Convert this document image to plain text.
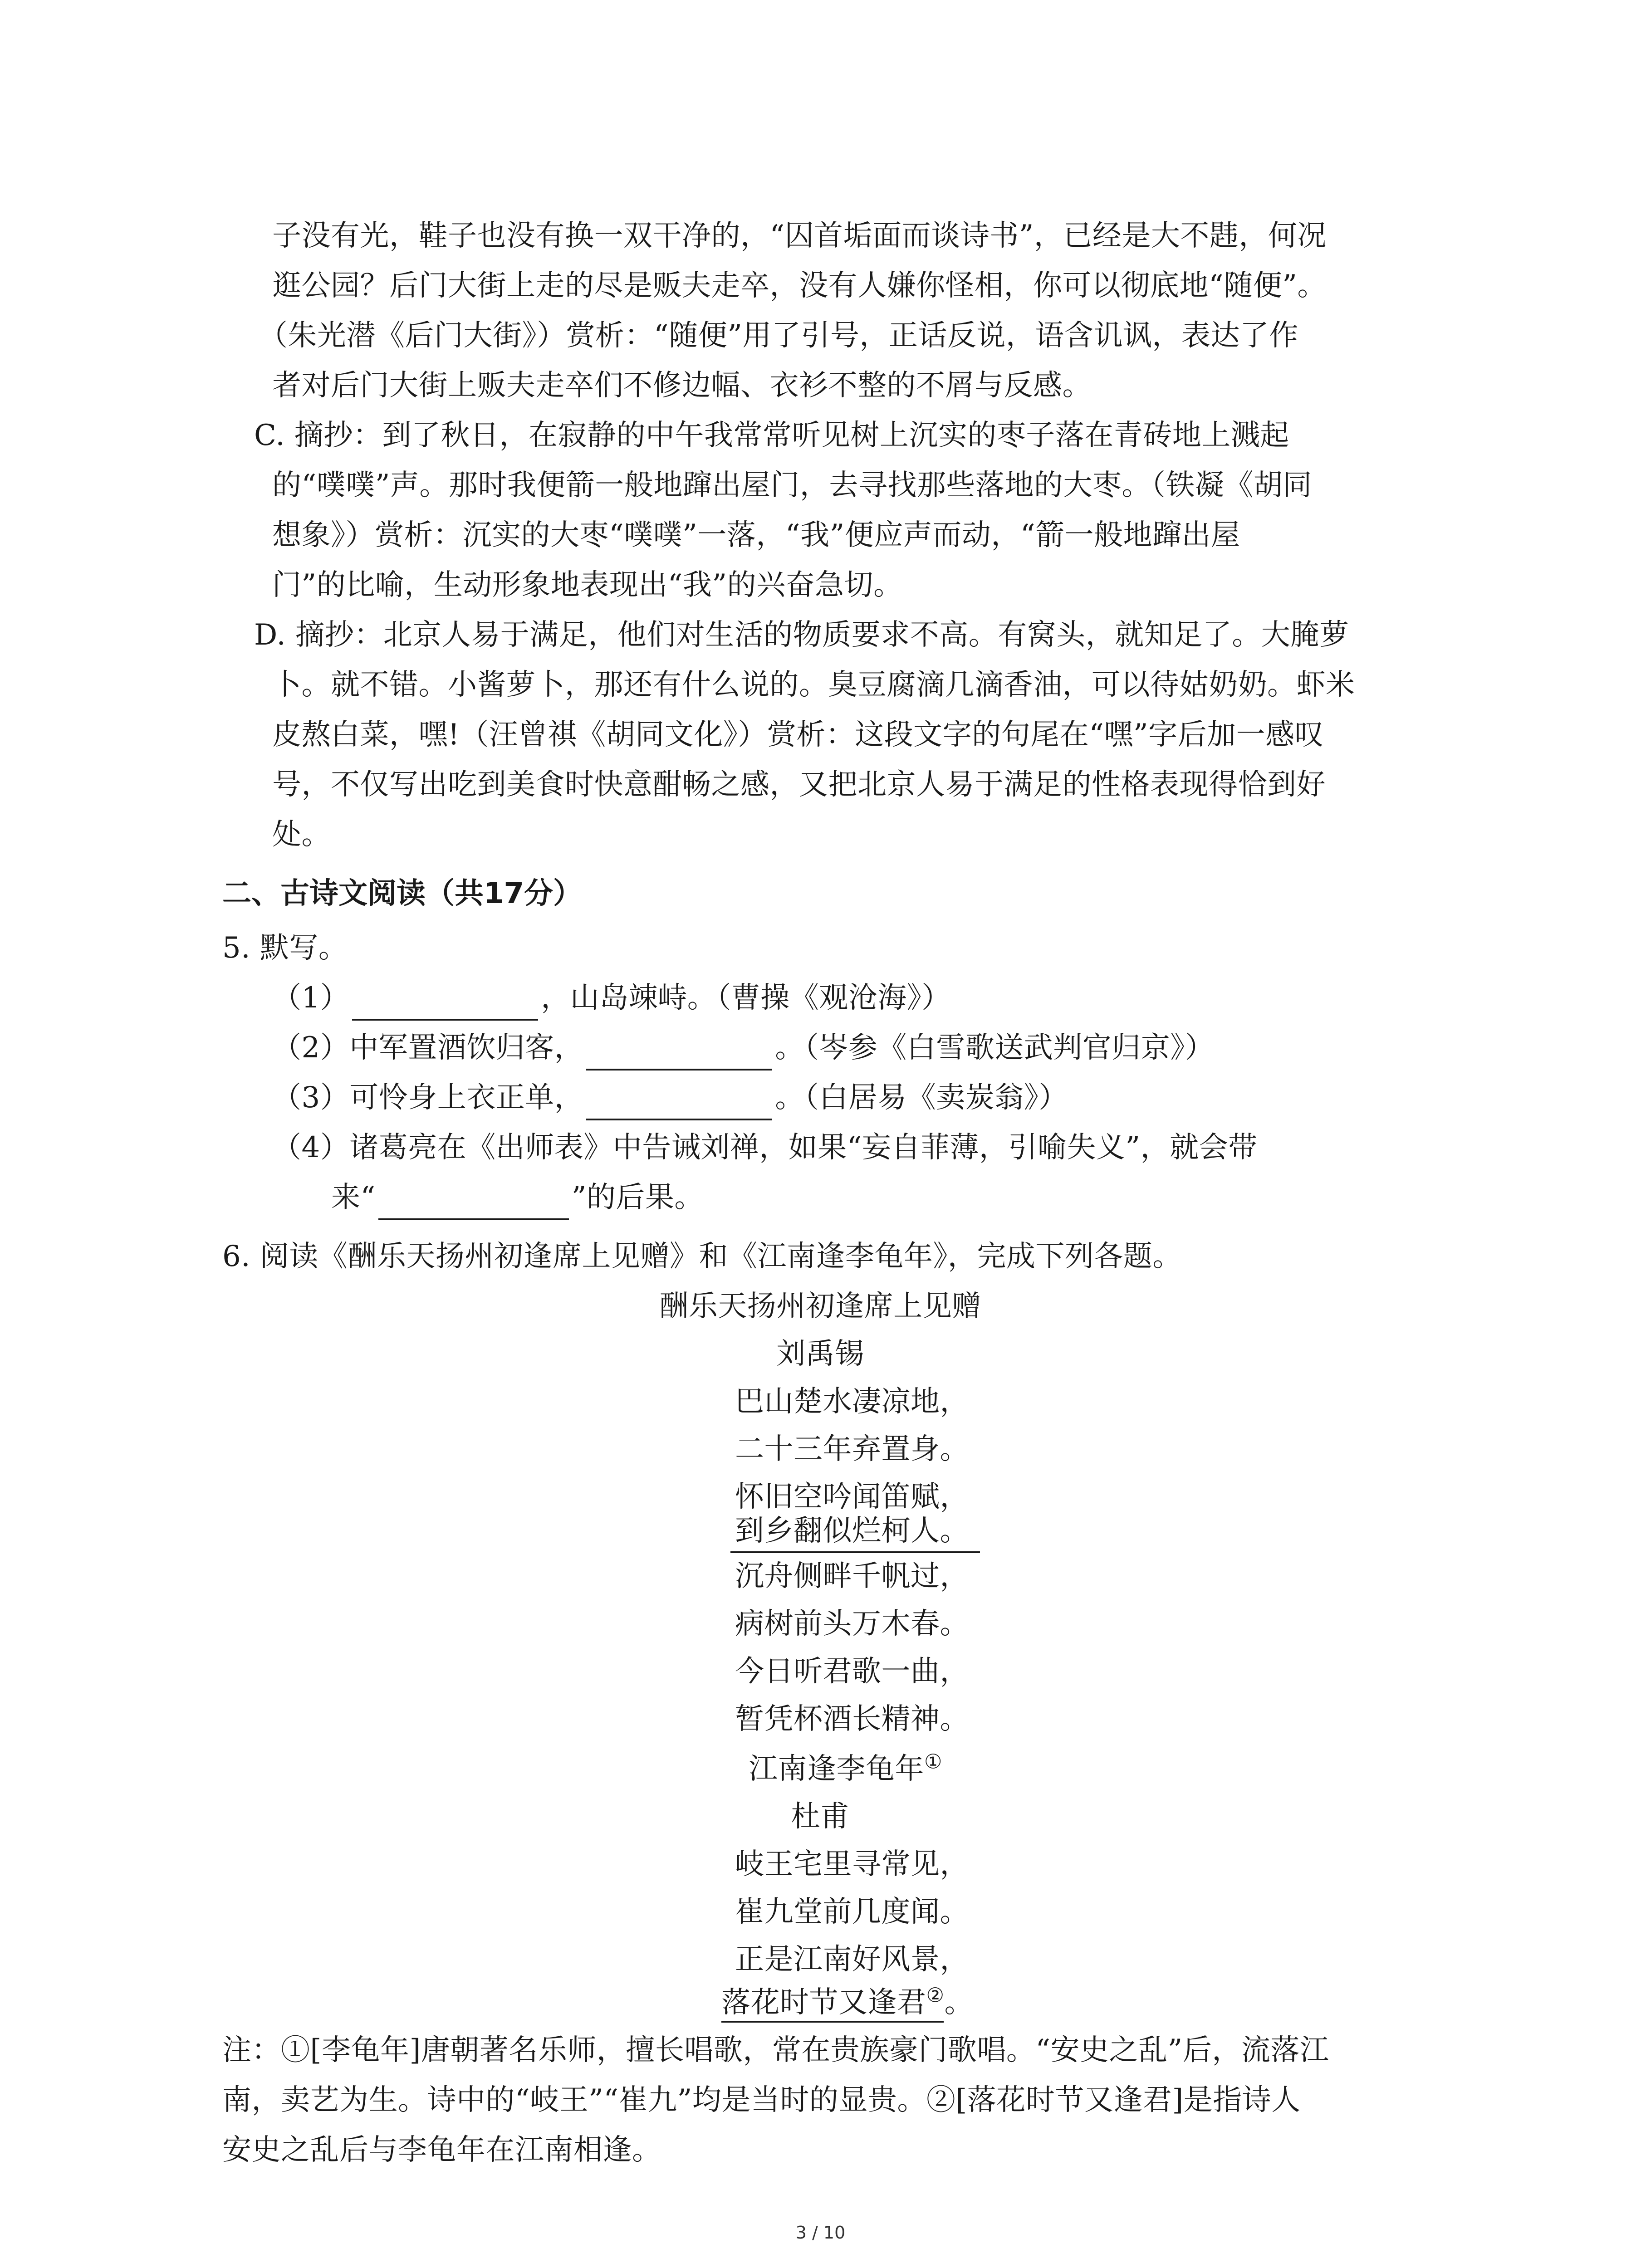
子没有光，鞋子也没有换一双干净的，“囚首垢面而谈诗书”，已经是大不韪，何况
逛公园？后门大街上走的尽是贩夫走卒，没有人嫌你怪相，你可以彻底地“随便”。
（朱光潜《后门大街》）赏析：“随便”用了引号，正话反说，语含讥讽，表达了作
者对后门大街上贩夫走卒们不修边幅、衣衫不整的不屑与反感。
C. 摘抄：到了秋日，在寂静的中午我常常听见树上沉实的枣子落在青砖地上溅起
的“噗噗”声。那时我便箭一般地蹿出屋门，去寻找那些落地的大枣。（铁凝《胡同
想象》）赏析：沉实的大枣“噗噗”一落，“我”便应声而动，“箭一般地蹿出屋
门”的比喻，生动形象地表现出“我”的兴奋急切。
D. 摘抄：北京人易于满足，他们对生活的物质要求不高。有窝头，就知足了。大腌萝
卜。就不错。小酱萝卜，那还有什么说的。臭豆腐滴几滴香油，可以待姑奶奶。虾米
皮熬白菜，嘿!（汪曾祺《胡同文化》）赏析：这段文字的句尾在“嘿”字后加一感叹
号，不仅写出吃到美食时快意酣畅之感，又把北京人易于满足的性格表现得恰到好
处。
二、古诗文阅读（共17分）
5. 默写。
（1）	，山岛竦峙。（曹操《观沧海》）
（2）中军置酒饮归客，	。（岑参《白雪歌送武判官归京》）
（3）可怜身上衣正单，	。（白居易《卖炭翁》）
（4）诸葛亮在《出师表》中告诫刘禅，如果“妄自菲薄，引喻失义”，就会带
来“	”的后果。
6. 阅读《酬乐天扬州初逢席上见赠》和《江南逢李龟年》，完成下列各题。
酬乐天扬州初逢席上见赠
刘禹锡
巴山楚水凄凉地，
二十三年弃置身。
怀旧空吟闻笛赋，
到乡翻似烂柯人。
沉舟侧畔千帆过，
病树前头万木春。
今日听君歌一曲，
暂凭杯酒长精神。
江南逢李龟年①
杜甫
岐王宅里寻常见，
崔九堂前几度闻。
正是江南好风景，
落花时节又逢君②。
注：①[李龟年]唐朝著名乐师，擅长唱歌，常在贵族豪门歌唱。“安史之乱”后，流落江
南，卖艺为生。诗中的“岐王”“崔九”均是当时的显贵。②[落花时节又逢君]是指诗人
安史之乱后与李龟年在江南相逢。
3 / 10
